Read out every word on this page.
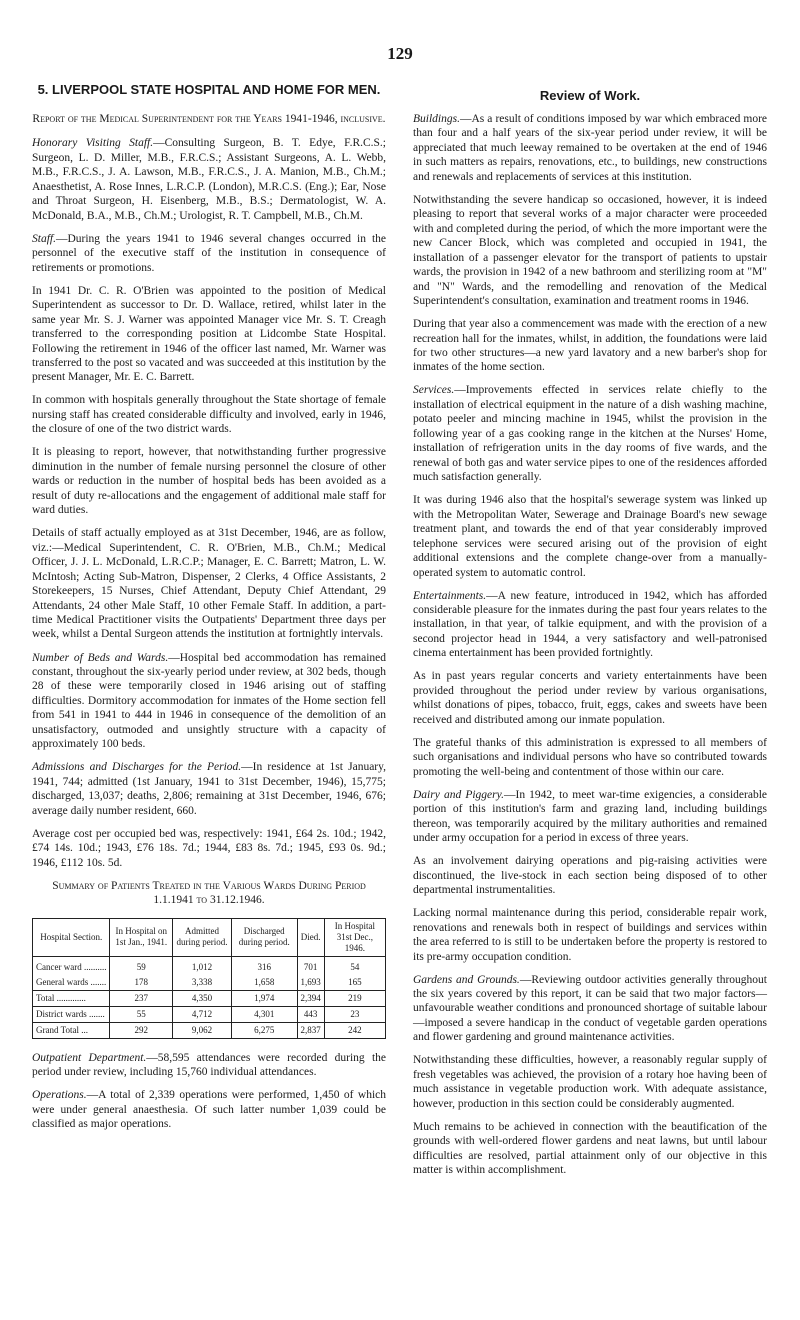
129
5. LIVERPOOL STATE HOSPITAL AND HOME FOR MEN.
Report of the Medical Superintendent for the Years 1941-1946, inclusive.

Honorary Visiting Staff.—Consulting Surgeon, B. T. Edye, F.R.C.S.; Surgeon, L. D. Miller, M.B., F.R.C.S.; Assistant Surgeons, A. L. Webb, M.B., F.R.C.S., J. A. Lawson, M.B., F.R.C.S., J. A. Manion, M.B., Ch.M.; Anaesthetist, A. Rose Innes, L.R.C.P. (London), M.R.C.S. (Eng.); Ear, Nose and Throat Surgeon, H. Eisenberg, M.B., B.S.; Dermatologist, W. A. McDonald, B.A., M.B., Ch.M.; Urologist, R. T. Campbell, M.B., Ch.M.

Staff.—During the years 1941 to 1946 several changes occurred in the personnel of the executive staff of the institution in consequence of retirements or promotions.

In 1941 Dr. C. R. O'Brien was appointed to the position of Medical Superintendent as successor to Dr. D. Wallace, retired, whilst later in the same year Mr. S. J. Warner was appointed Manager vice Mr. S. T. Creagh transferred to the corresponding position at Lidcombe State Hospital. Following the retirement in 1946 of the officer last named, Mr. Warner was transferred to the post so vacated and was succeeded at this institution by the present Manager, Mr. E. C. Barrett.

In common with hospitals generally throughout the State shortage of female nursing staff has created considerable difficulty and involved, early in 1946, the closure of one of the two district wards.

It is pleasing to report, however, that notwithstanding further progressive diminution in the number of female nursing personnel the closure of other wards or reduction in the number of hospital beds has been avoided as a result of duty re-allocations and the engagement of additional male staff for ward duties.

Details of staff actually employed as at 31st December, 1946, are as follow, viz.:—Medical Superintendent, C. R. O'Brien, M.B., Ch.M.; Medical Officer, J. J. L. McDonald, L.R.C.P.; Manager, E. C. Barrett; Matron, L. W. McIntosh; Acting Sub-Matron, Dispenser, 2 Clerks, 4 Office Assistants, 2 Storekeepers, 15 Nurses, Chief Attendant, Deputy Chief Attendant, 29 Attendants, 24 other Male Staff, 10 other Female Staff. In addition, a part-time Medical Practitioner visits the Outpatients' Department three days per week, whilst a Dental Surgeon attends the institution at fortnightly intervals.

Number of Beds and Wards.—Hospital bed accommodation has remained constant, throughout the six-yearly period under review, at 302 beds, though 28 of these were temporarily closed in 1946 arising out of staffing difficulties. Dormitory accommodation for inmates of the Home section fell from 541 in 1941 to 444 in 1946 in consequence of the demolition of an unsatisfactory, outmoded and unsightly structure with a capacity of approximately 100 beds.

Admissions and Discharges for the Period.—In residence at 1st January, 1941, 744; admitted (1st January, 1941 to 31st December, 1946), 15,775; discharged, 13,037; deaths, 2,806; remaining at 31st December, 1946, 676; average daily number resident, 660.

Average cost per occupied bed was, respectively: 1941, £64 2s. 10d.; 1942, £74 14s. 10d.; 1943, £76 18s. 7d.; 1944, £83 8s. 7d.; 1945, £93 0s. 9d.; 1946, £112 10s. 5d.

Summary of Patients Treated in the Various Wards During Period 1.1.1941 to 31.12.1946.
Hospital Section.	In Hospital on 1st Jan., 1941.	Admitted during period.	Discharged during period.	Died.	In Hospital 31st Dec., 1946.

Cancer ward ..........	59	1,012	316	701	54
General wards .......	178	3,338	1,658	1,693	165
Total .............	237	4,350	1,974	2,394	219
District wards .......	55	4,712	4,301	443	23
Grand Total ...	292	9,062	6,275	2,837	242

Outpatient Department.—58,595 attendances were recorded during the period under review, including 15,760 individual attendances.

Operations.—A total of 2,339 operations were performed, 1,450 of which were under general anaesthesia. Of such latter number 1,039 could be classified as major operations.

Review of Work.

Buildings.—As a result of conditions imposed by war which embraced more than four and a half years of the six-year period under review, it will be appreciated that much leeway remained to be overtaken at the end of 1946 in such matters as repairs, renovations, etc., to buildings, new constructions and renewals and replacements of services at this institution.

Notwithstanding the severe handicap so occasioned, however, it is indeed pleasing to report that several works of a major character were proceeded with and completed during the period, of which the more important were the new Cancer Block, which was completed and occupied in 1941, the installation of a passenger elevator for the transport of patients to upstair wards, the provision in 1942 of a new bathroom and sterilizing room at "M" and "N" Wards, and the remodelling and renovation of the Medical Superintendent's consultation, examination and treatment rooms in 1946.

During that year also a commencement was made with the erection of a new recreation hall for the inmates, whilst, in addition, the foundations were laid for two other structures—a new yard lavatory and a new barber's shop for inmates of the home section.

Services.—Improvements effected in services relate chiefly to the installation of electrical equipment in the nature of a dish washing machine, potato peeler and mincing machine in 1945, whilst the provision in the following year of a gas cooking range in the kitchen at the Nurses' Home, installation of refrigeration units in the day rooms of five wards, and the renewal of both gas and water service pipes to one of the residences afforded much satisfaction generally.

It was during 1946 also that the hospital's sewerage system was linked up with the Metropolitan Water, Sewerage and Drainage Board's new sewage treatment plant, and towards the end of that year considerably improved telephone services were secured arising out of the provision of eight additional extensions and the complete change-over from a manually-operated system to automatic control.

Entertainments.—A new feature, introduced in 1942, which has afforded considerable pleasure for the inmates during the past four years relates to the installation, in that year, of talkie equipment, and with the provision of a second projector head in 1944, a very satisfactory and well-patronised cinema entertainment has been provided fortnightly.

As in past years regular concerts and variety entertainments have been provided throughout the period under review by various organisations, whilst donations of pipes, tobacco, fruit, eggs, cakes and sweets have been received and distributed among our inmate population.

The grateful thanks of this administration is expressed to all members of such organisations and individual persons who have so contributed towards promoting the well-being and contentment of those within our care.

Dairy and Piggery.—In 1942, to meet war-time exigencies, a considerable portion of this institution's farm and grazing land, including buildings thereon, was temporarily acquired by the military authorities and remained under army occupation for a period in excess of three years.

As an involvement dairying operations and pig-raising activities were discontinued, the live-stock in each section being disposed of to other departmental instrumentalities.

Lacking normal maintenance during this period, considerable repair work, renovations and renewals both in respect of buildings and services within the area referred to is still to be undertaken before the property is restored to its pre-army occupation condition.

Gardens and Grounds.—Reviewing outdoor activities generally throughout the six years covered by this report, it can be said that two major factors—unfavourable weather conditions and pronounced shortage of suitable labour—imposed a severe handicap in the conduct of vegetable garden operations and flower gardening and ground maintenance activities.

Notwithstanding these difficulties, however, a reasonably regular supply of fresh vegetables was achieved, the provision of a rotary hoe having been of much assistance in vegetable production work. With adequate assistance, however, production in this section could be considerably augmented.

Much remains to be achieved in connection with the beautification of the grounds with well-ordered flower gardens and neat lawns, but until labour difficulties are resolved, partial attainment only of our objective in this matter is within accomplishment.
